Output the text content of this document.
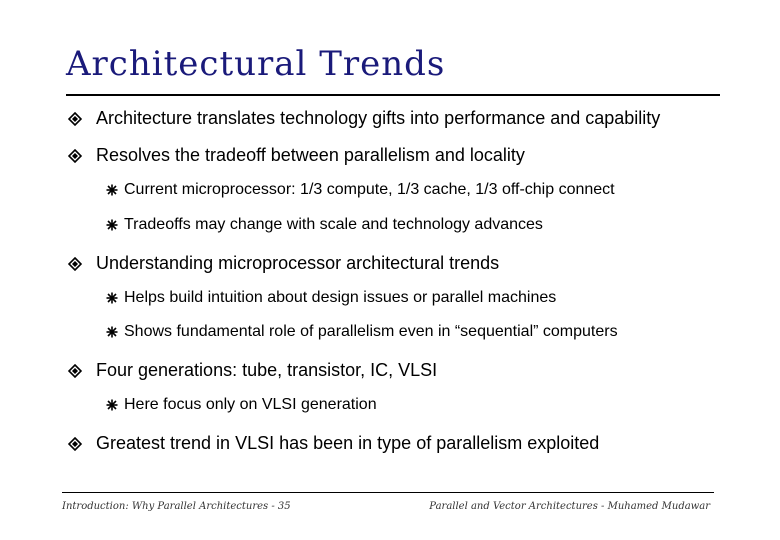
Architectural Trends
Architecture translates technology gifts into performance and capability
Resolves the tradeoff between parallelism and locality
Current microprocessor: 1/3 compute, 1/3 cache, 1/3 off-chip connect
Tradeoffs may change with scale and technology advances
Understanding microprocessor architectural trends
Helps build intuition about design issues or parallel machines
Shows fundamental role of parallelism even in “sequential” computers
Four generations: tube, transistor, IC, VLSI
Here focus only on VLSI generation
Greatest trend in VLSI has been in type of parallelism exploited
Introduction: Why Parallel Architectures - 35	Parallel and Vector Architectures - Muhamed Mudawar
